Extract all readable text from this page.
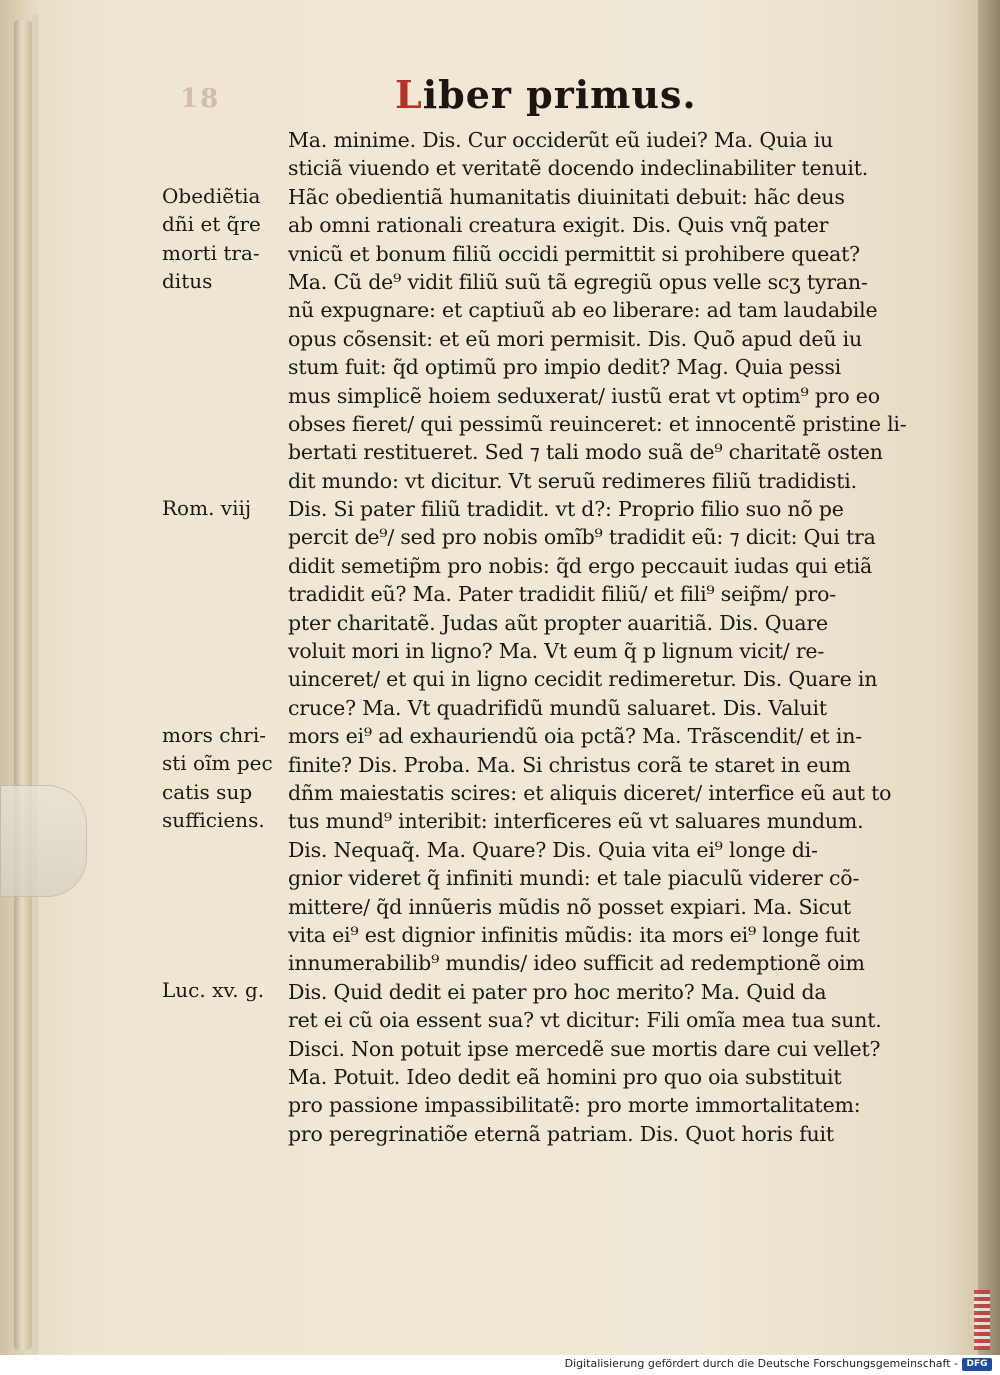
18	Liber primus.
Ma. minime. Dis. Cur occiderũt eũ iudei? Ma. Quia iu
sticiã viuendo et veritatẽ docendo indeclinabiliter tenuit.
Hãc obedientiã humanitatis diuinitati debuit: hãc deus
ab omni rationali creatura exigit. Dis. Quis vnq̃ pater
vnicũ et bonum filiũ occidi permittit si prohibere queat?
Ma. Cũ de⁹ vidit filiũ suũ tã egregiũ opus velle scʒ tyran-
nũ expugnare: et captiuũ ab eo liberare: ad tam laudabile
opus cõsensit: et eũ mori permisit. Dis. Quõ apud deũ iu
stum fuit: q̃d optimũ pro impio dedit? Mag. Quia pessi
mus simplicẽ hoiem seduxerat/ iustũ erat vt optim⁹ pro eo
obses fieret/ qui pessimũ reuinceret: et innocentẽ pristine li-
bertati restitueret. Sed ⁊ tali modo suã de⁹ charitatẽ osten
dit mundo: vt dicitur. Vt seruũ redimeres filiũ tradidisti.
Dis. Si pater filiũ tradidit. vt d?: Proprio filio suo nõ pe
percit de⁹/ sed pro nobis omĩb⁹ tradidit eũ: ⁊ dicit: Qui tra
didit semetip̃m pro nobis: q̃d ergo peccauit iudas qui etiã
tradidit eũ? Ma. Pater tradidit filiũ/ et fili⁹ seip̃m/ pro-
pter charitatẽ. Judas aũt propter auaritiã. Dis. Quare
voluit mori in ligno? Ma. Vt eum q̃ p lignum vicit/ re-
uinceret/ et qui in ligno cecidit redimeretur. Dis. Quare in
cruce? Ma. Vt quadrifidũ mundũ saluaret. Dis. Valuit
mors ei⁹ ad exhauriendũ oia pctã? Ma. Trãscendit/ et in-
finite? Dis. Proba. Ma. Si christus corã te staret in eum
dñm maiestatis scires: et aliquis diceret/ interfice eũ aut to
tus mund⁹ interibit: interficeres eũ vt saluares mundum.
Dis. Nequaq̃. Ma. Quare? Dis. Quia vita ei⁹ longe di-
gnior videret q̃ infiniti mundi: et tale piaculũ viderer cõ-
mittere/ q̃d innũeris mũdis nõ posset expiari. Ma. Sicut
vita ei⁹ est dignior infinitis mũdis: ita mors ei⁹ longe fuit
innumerabilib⁹ mundis/ ideo sufficit ad redemptionẽ oim
Dis. Quid dedit ei pater pro hoc merito? Ma. Quid da
ret ei cũ oia essent sua? vt dicitur: Fili omĩa mea tua sunt.
Disci. Non potuit ipse mercedẽ sue mortis dare cui vellet?
Ma. Potuit. Ideo dedit eã homini pro quo oia substituit
pro passione impassibilitatẽ: pro morte immortalitatem:
pro peregrinatiõe eternã patriam. Dis. Quot horis fuit
Obediẽtia
dñi et q̃re
morti tra-
ditus
Rom. viij
mors chri-
sti oĩm pec
catis sup
sufficiens.
Luc. xv. g.
Digitalisierung gefördert durch die Deutsche Forschungsgemeinschaft - DFG
